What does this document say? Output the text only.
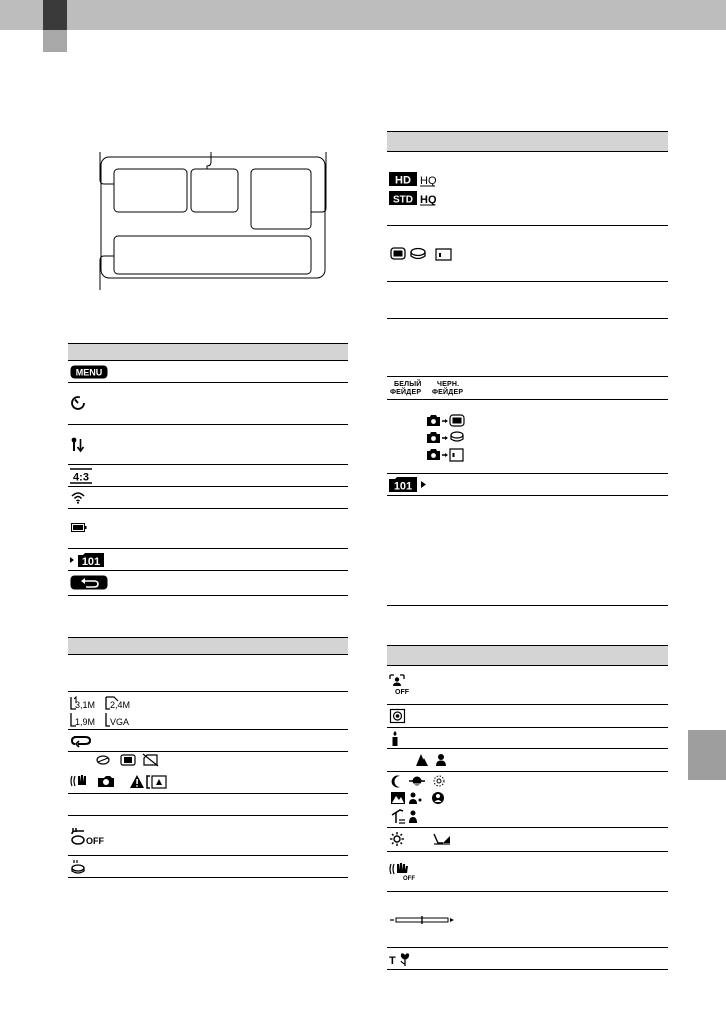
MENU
4:3
101
3,1M 2,4M
1,9M VGA
OFF
HD HQ
STD HQ
БЕЛЫЙ ЧЕРН.
ФЕЙДЕР ФЕЙДЕР
101
OFF
OFF
T
